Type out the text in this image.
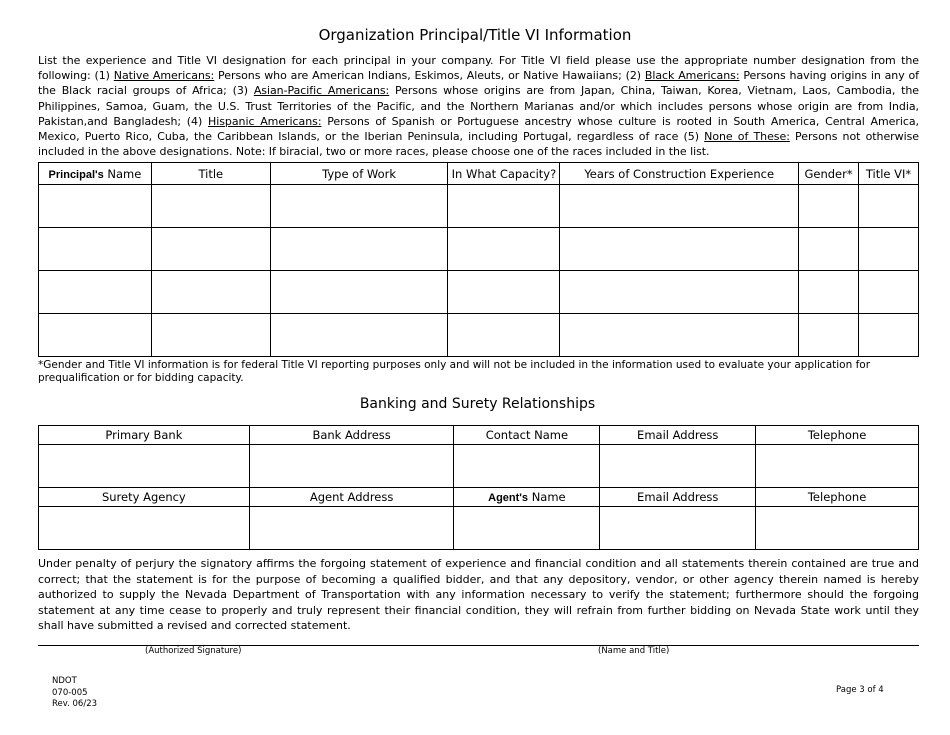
Organization Principal/Title VI Information
List the experience and Title VI designation for each principal in your company. For Title VI field please use the appropriate number designation from the following: (1) Native Americans: Persons who are American Indians, Eskimos, Aleuts, or Native Hawaiians; (2) Black Americans: Persons having origins in any of the Black racial groups of Africa; (3) Asian-Pacific Americans: Persons whose origins are from Japan, China, Taiwan, Korea, Vietnam, Laos, Cambodia, the Philippines, Samoa, Guam, the U.S. Trust Territories of the Pacific, and the Northern Marianas and/or which includes persons whose origin are from India, Pakistan,and Bangladesh; (4) Hispanic Americans: Persons of Spanish or Portuguese ancestry whose culture is rooted in South America, Central America, Mexico, Puerto Rico, Cuba, the Caribbean Islands, or the Iberian Peninsula, including Portugal, regardless of race (5) None of These: Persons not otherwise included in the above designations. Note: If biracial, two or more races, please choose one of the races included in the list.
Principal's Name	Title	Type of Work	In What Capacity?	Years of Construction Experience	Gender*	Title VI*

*Gender and Title VI information is for federal Title VI reporting purposes only and will not be included in the information used to evaluate your application for prequalification or for bidding capacity.
Banking and Surety Relationships
Primary Bank	Bank Address	Contact Name	Email Address	Telephone

Surety Agency	Agent Address	Agent's Name	Email Address	Telephone

Under penalty of perjury the signatory affirms the forgoing statement of experience and financial condition and all statements therein contained are true and correct; that the statement is for the purpose of becoming a qualified bidder, and that any depository, vendor, or other agency therein named is hereby authorized to supply the Nevada Department of Transportation with any information necessary to verify the statement; furthermore should the forgoing statement at any time cease to properly and truly represent their financial condition, they will refrain from further bidding on Nevada State work until they shall have submitted a revised and corrected statement.
(Authorized Signature)	(Name and Title)
NDOT
070-005
Rev. 06/23
Page 3 of 4
